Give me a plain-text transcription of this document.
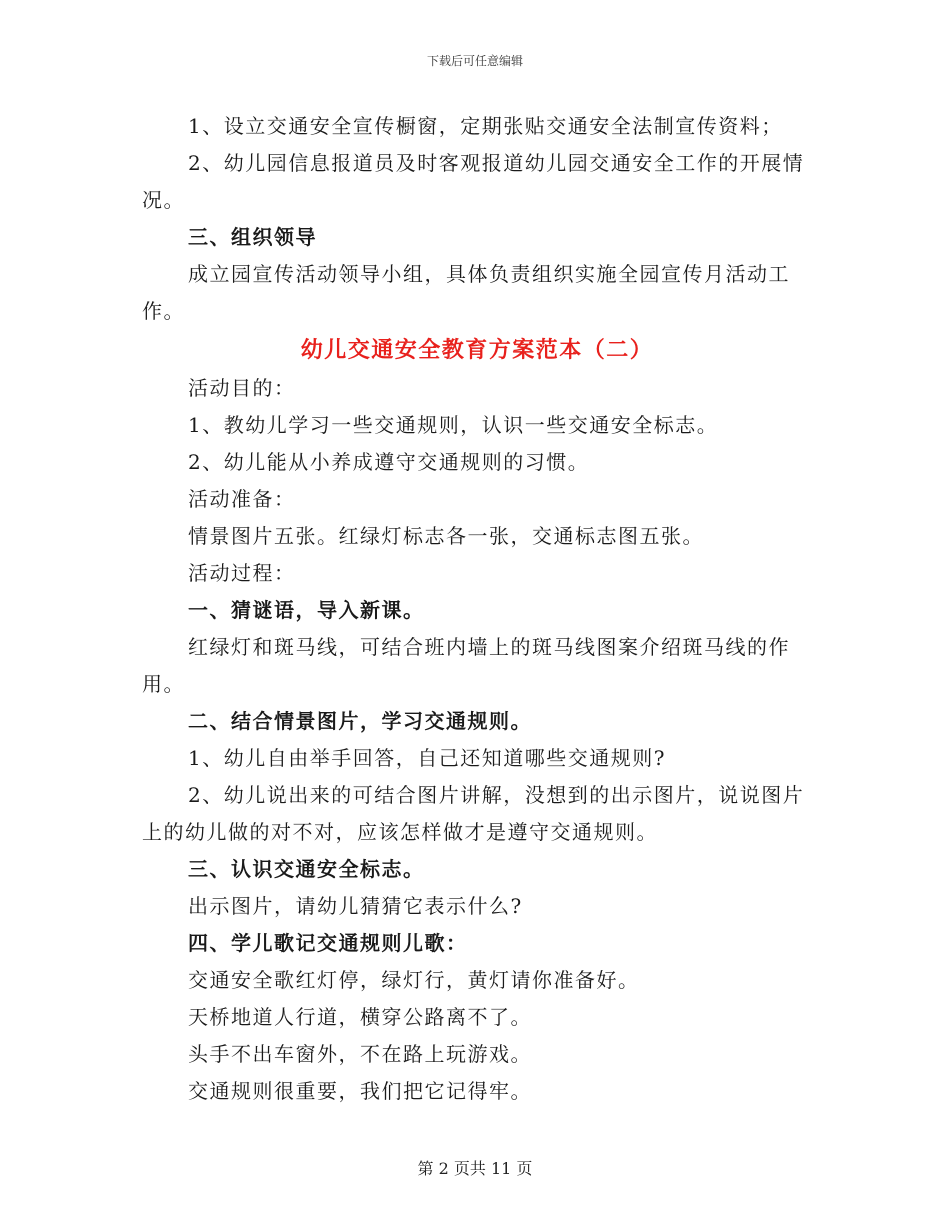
下载后可任意编辑

1、设立交通安全宣传橱窗，定期张贴交通安全法制宣传资料；

2、幼儿园信息报道员及时客观报道幼儿园交通安全工作的开展情

况。

三、组织领导

成立园宣传活动领导小组，具体负责组织实施全园宣传月活动工

作。

幼儿交通安全教育方案范本（二）

活动目的：

1、教幼儿学习一些交通规则，认识一些交通安全标志。

2、幼儿能从小养成遵守交通规则的习惯。

活动准备：

情景图片五张。红绿灯标志各一张，交通标志图五张。

活动过程：

一、猜谜语，导入新课。

红绿灯和斑马线，可结合班内墙上的斑马线图案介绍斑马线的作

用。

二、结合情景图片，学习交通规则。

1、幼儿自由举手回答，自己还知道哪些交通规则?

2、幼儿说出来的可结合图片讲解，没想到的出示图片，说说图片

上的幼儿做的对不对，应该怎样做才是遵守交通规则。

三、认识交通安全标志。

出示图片，请幼儿猜猜它表示什么?

四、学儿歌记交通规则儿歌：

交通安全歌红灯停，绿灯行，黄灯请你准备好。

天桥地道人行道，横穿公路离不了。

头手不出车窗外，不在路上玩游戏。

交通规则很重要，我们把它记得牢。

第 2 页共 11 页
